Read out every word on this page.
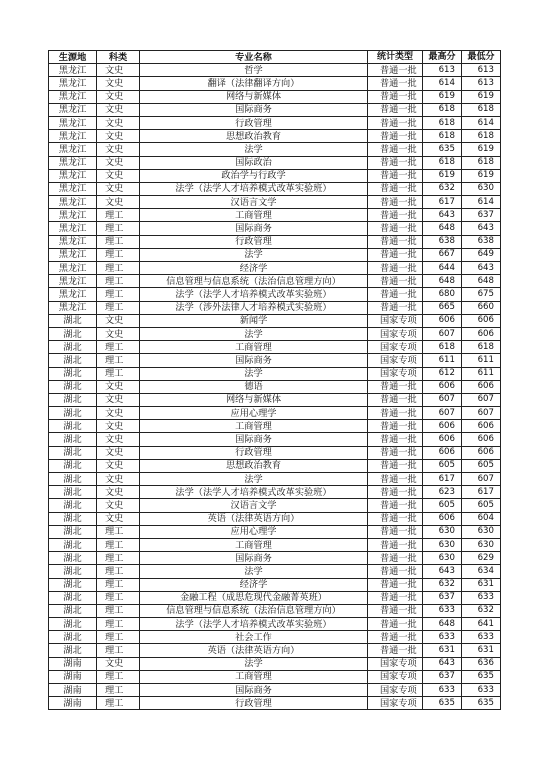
生源地	科类	专业名称	统计类型	最高分	最低分
黑龙江	文史	哲学	普通一批	613	613
黑龙江	文史	翻译（法律翻译方向）	普通一批	614	613
黑龙江	文史	网络与新媒体	普通一批	619	619
黑龙江	文史	国际商务	普通一批	618	618
黑龙江	文史	行政管理	普通一批	618	614
黑龙江	文史	思想政治教育	普通一批	618	618
黑龙江	文史	法学	普通一批	635	619
黑龙江	文史	国际政治	普通一批	618	618
黑龙江	文史	政治学与行政学	普通一批	619	619
黑龙江	文史	法学（法学人才培养模式改革实验班）	普通一批	632	630
黑龙江	文史	汉语言文学	普通一批	617	614
黑龙江	理工	工商管理	普通一批	643	637
黑龙江	理工	国际商务	普通一批	648	643
黑龙江	理工	行政管理	普通一批	638	638
黑龙江	理工	法学	普通一批	667	649
黑龙江	理工	经济学	普通一批	644	643
黑龙江	理工	信息管理与信息系统（法治信息管理方向）	普通一批	648	648
黑龙江	理工	法学（法学人才培养模式改革实验班）	普通一批	680	675
黑龙江	理工	法学（涉外法律人才培养模式实验班）	普通一批	665	660
湖北	文史	新闻学	国家专项	606	606
湖北	文史	法学	国家专项	607	606
湖北	理工	工商管理	国家专项	618	618
湖北	理工	国际商务	国家专项	611	611
湖北	理工	法学	国家专项	612	611
湖北	文史	德语	普通一批	606	606
湖北	文史	网络与新媒体	普通一批	607	607
湖北	文史	应用心理学	普通一批	607	607
湖北	文史	工商管理	普通一批	606	606
湖北	文史	国际商务	普通一批	606	606
湖北	文史	行政管理	普通一批	606	606
湖北	文史	思想政治教育	普通一批	605	605
湖北	文史	法学	普通一批	617	607
湖北	文史	法学（法学人才培养模式改革实验班）	普通一批	623	617
湖北	文史	汉语言文学	普通一批	605	605
湖北	文史	英语（法律英语方向）	普通一批	606	604
湖北	理工	应用心理学	普通一批	630	630
湖北	理工	工商管理	普通一批	630	630
湖北	理工	国际商务	普通一批	630	629
湖北	理工	法学	普通一批	643	634
湖北	理工	经济学	普通一批	632	631
湖北	理工	金融工程（成思危现代金融菁英班）	普通一批	637	633
湖北	理工	信息管理与信息系统（法治信息管理方向）	普通一批	633	632
湖北	理工	法学（法学人才培养模式改革实验班）	普通一批	648	641
湖北	理工	社会工作	普通一批	633	633
湖北	理工	英语（法律英语方向）	普通一批	631	631
湖南	文史	法学	国家专项	643	636
湖南	理工	工商管理	国家专项	637	635
湖南	理工	国际商务	国家专项	633	633
湖南	理工	行政管理	国家专项	635	635
